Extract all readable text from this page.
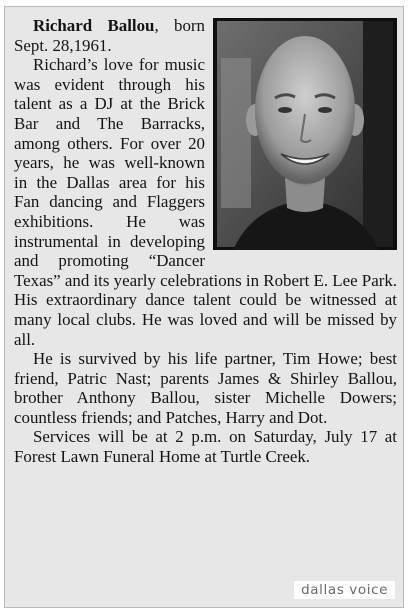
Richard Ballou, born Sept. 28,1961.

Richard’s love for music was evident through his talent as a DJ at the Brick Bar and The Barracks, among others. For over 20 years, he was well-known in the Dallas area for his Fan dancing and Flaggers exhibitions. He was instrumental in developing and promoting “Dancer Texas” and its yearly celebrations in Robert E. Lee Park. His extraordinary dance talent could be witnessed at many local clubs. He was loved and will be missed by all.

He is survived by his life partner, Tim Howe; best friend, Patric Nast; parents James & Shirley Ballou, brother Anthony Ballou, sister Michelle Dowers; countless friends; and Patches, Harry and Dot.

Services will be at 2 p.m. on Saturday, July 17 at Forest Lawn Funeral Home at Turtle Creek.

dallas voice
